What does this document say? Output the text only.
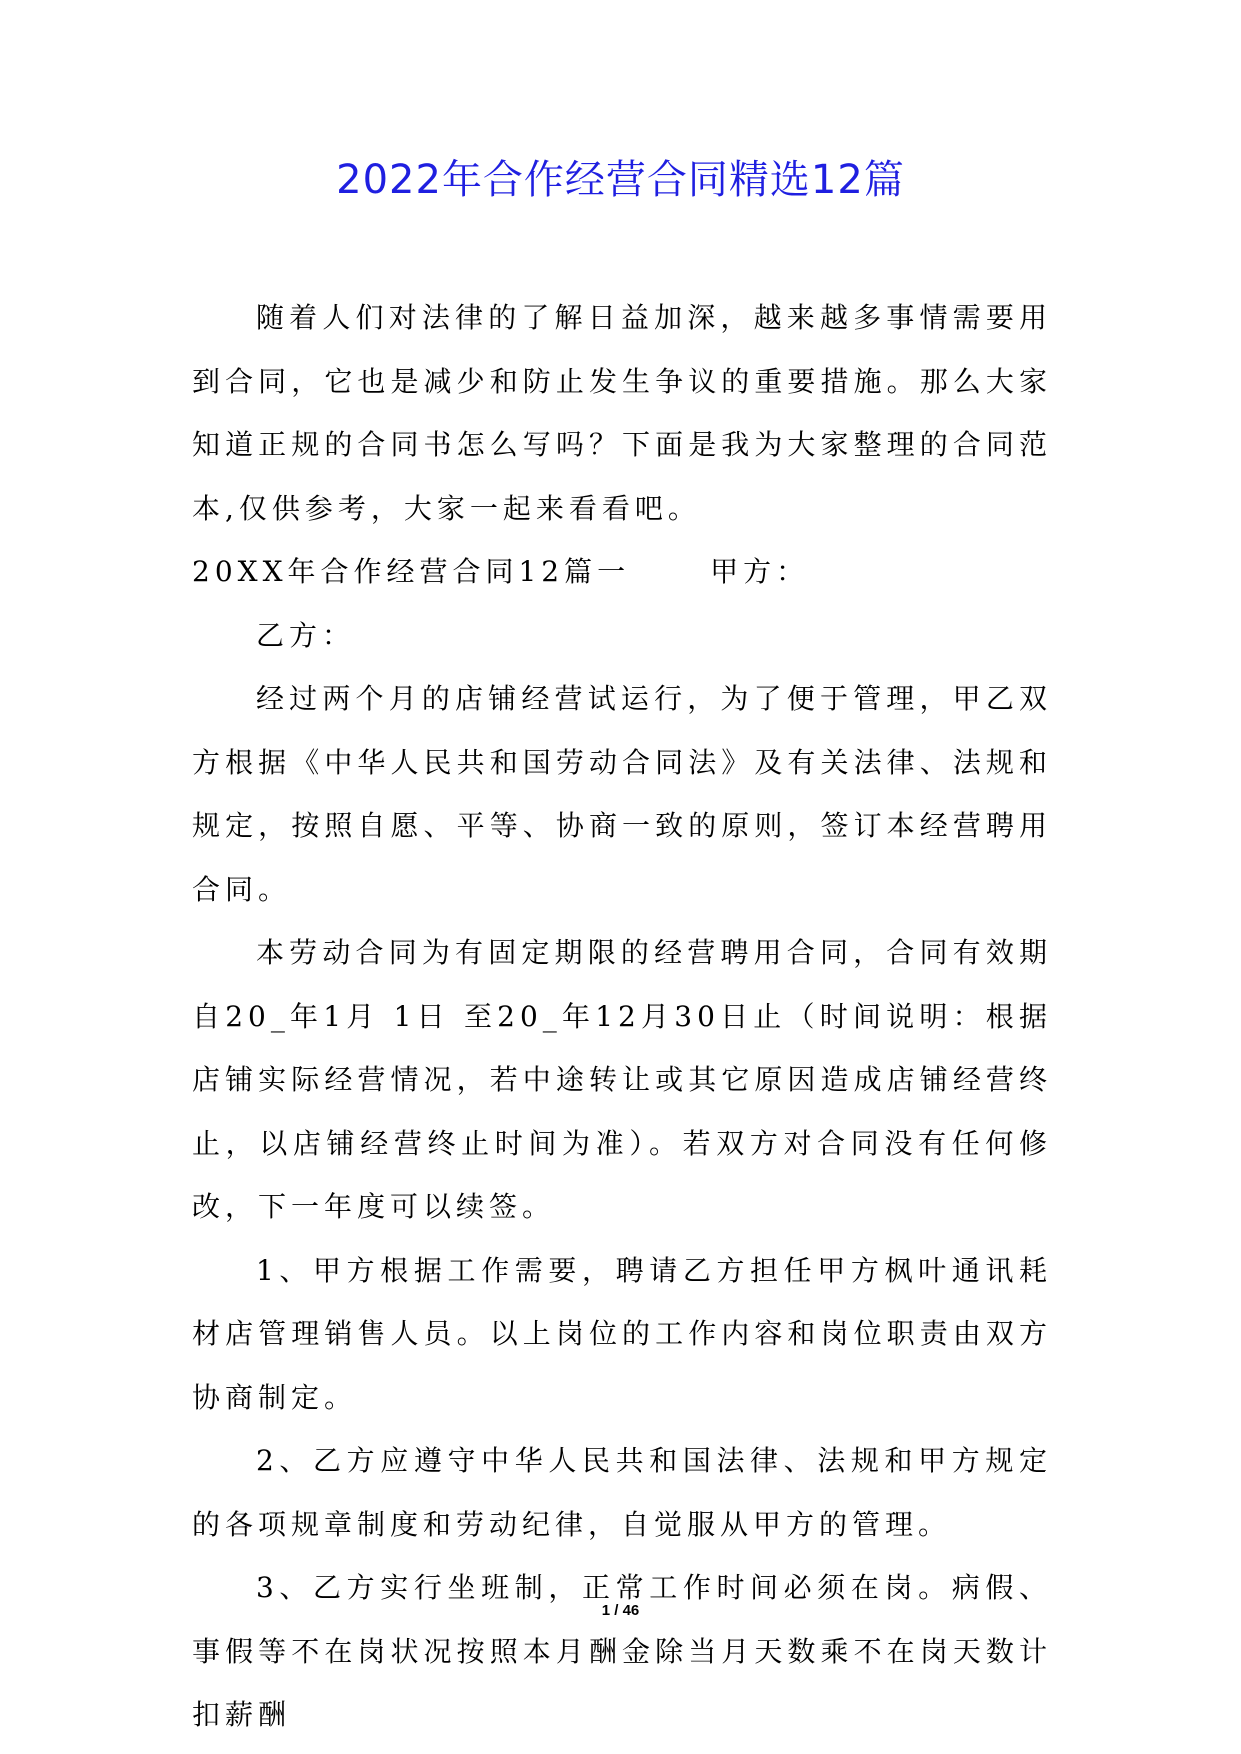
2022年合作经营合同精选12篇

随着人们对法律的了解日益加深，越来越多事情需要用到合同，它也是减少和防止发生争议的重要措施。那么大家知道正规的合同书怎么写吗？下面是我为大家整理的合同范本,仅供参考，大家一起来看看吧。

20XX年合作经营合同12篇一	甲方：

乙方：

经过两个月的店铺经营试运行，为了便于管理，甲乙双方根据《中华人民共和国劳动合同法》及有关法律、法规和规定，按照自愿、平等、协商一致的原则，签订本经营聘用合同。

本劳动合同为有固定期限的经营聘用合同，合同有效期自20_年1月 1日 至20_年12月30日止（时间说明：根据店铺实际经营情况，若中途转让或其它原因造成店铺经营终止，以店铺经营终止时间为准）。若双方对合同没有任何修改，下一年度可以续签。

1、甲方根据工作需要，聘请乙方担任甲方枫叶通讯耗材店管理销售人员。以上岗位的工作内容和岗位职责由双方协商制定。

2、乙方应遵守中华人民共和国法律、法规和甲方规定的各项规章制度和劳动纪律，自觉服从甲方的管理。

3、乙方实行坐班制，正常工作时间必须在岗。病假、事假等不在岗状况按照本月酬金除当月天数乘不在岗天数计扣薪酬

1 / 46
